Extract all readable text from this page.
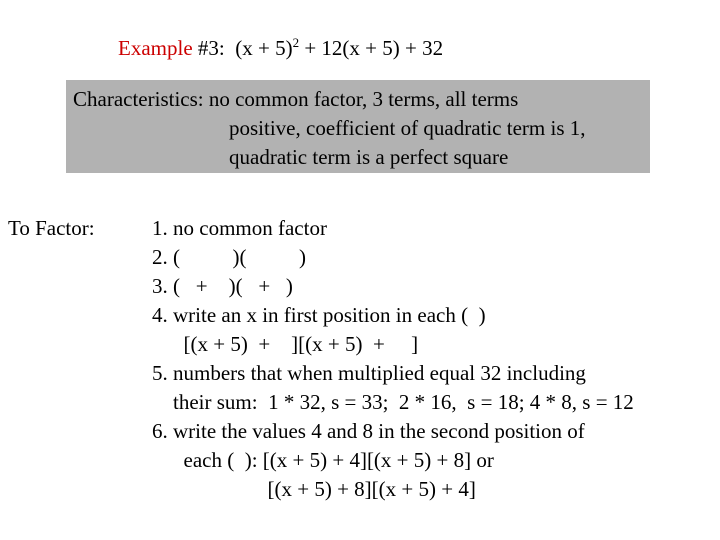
Example #3: $(x + 5)^2 + 12(x + 5) + 32$
Characteristics: no common factor, 3 terms, all terms
positive, coefficient of quadratic term is 1,
quadratic term is a perfect square
To Factor:	1. no common factor
2. (          )(          )
3. (   +    )(   +   )
4. write an x in first position in each (  )
[(x + 5)  +    ][(x + 5)  +     ]
5. numbers that when multiplied equal 32 including
their sum:  1 * 32, s = 33;  2 * 16,  s = 18; 4 * 8, s = 12
6. write the values 4 and 8 in the second position of
each (  ): [(x + 5) + 4][(x + 5) + 8] or
[(x + 5) + 8][(x + 5) + 4]
